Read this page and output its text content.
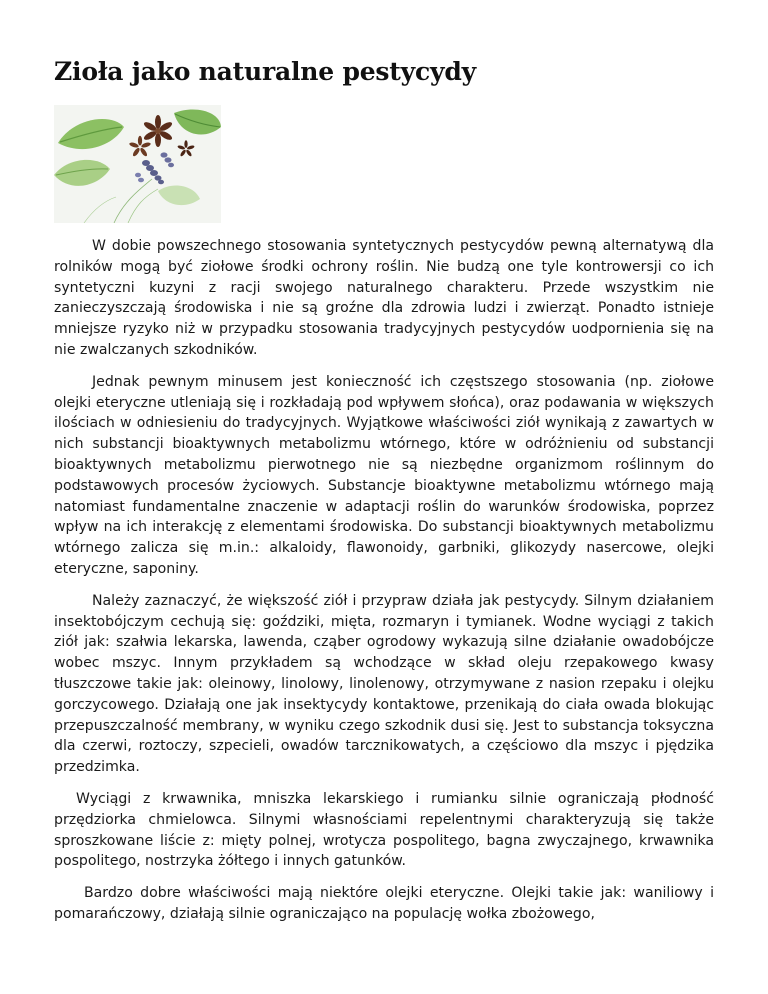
Zioła jako naturalne pestycydy

W dobie powszechnego stosowania syntetycznych pestycydów pewną alternatywą dla rolników mogą być ziołowe środki ochrony roślin. Nie budzą one tyle kontrowersji co ich syntetyczni kuzyni z racji swojego naturalnego charakteru. Przede wszystkim nie zanieczyszczają środowiska i nie są groźne dla zdrowia ludzi i zwierząt. Ponadto istnieje mniejsze ryzyko niż w przypadku stosowania tradycyjnych pestycydów uodpornienia się na nie zwalczanych szkodników.

Jednak pewnym minusem jest konieczność ich częstszego stosowania (np. ziołowe olejki eteryczne utleniają się i rozkładają pod wpływem słońca), oraz podawania w większych ilościach w odniesieniu do tradycyjnych. Wyjątkowe właściwości ziół wynikają z zawartych w nich substancji bioaktywnych metabolizmu wtórnego, które w odróżnieniu od substancji bioaktywnych metabolizmu pierwotnego nie są niezbędne organizmom roślinnym do podstawowych procesów życiowych. Substancje bioaktywne metabolizmu wtórnego mają natomiast fundamentalne znaczenie w adaptacji roślin do warunków środowiska, poprzez wpływ na ich interakcję z elementami środowiska. Do substancji bioaktywnych metabolizmu wtórnego zalicza się m.in.: alkaloidy, flawonoidy, garbniki, glikozydy nasercowe, olejki eteryczne, saponiny.

Należy zaznaczyć, że większość ziół i przypraw działa jak pestycydy. Silnym działaniem insektobójczym cechują się: goździki, mięta, rozmaryn i tymianek. Wodne wyciągi z takich ziół jak: szałwia lekarska, lawenda, cząber ogrodowy wykazują silne działanie owadobójcze wobec mszyc. Innym przykładem są wchodzące w skład oleju rzepakowego kwasy tłuszczowe takie jak: oleinowy, linolowy, linolenowy, otrzymywane z nasion rzepaku i olejku gorczycowego. Działają one jak insektycydy kontaktowe, przenikają do ciała owada blokując przepuszczalność membrany, w wyniku czego szkodnik dusi się. Jest to substancja toksyczna dla czerwi, roztoczy, szpecieli, owadów tarcznikowatych, a częściowo dla mszyc i pjędzika przedzimka.

Wyciągi z krwawnika, mniszka lekarskiego i rumianku silnie ograniczają płodność przędziorka chmielowca. Silnymi własnościami repelentnymi charakteryzują się także sproszkowane liście z: mięty polnej, wrotycza pospolitego, bagna zwyczajnego, krwawnika pospolitego, nostrzyka żółtego i innych gatunków.

Bardzo dobre właściwości mają niektóre olejki eteryczne. Olejki takie jak: waniliowy i pomarańczowy, działają silnie ograniczająco na populację wołka zbożowego,
